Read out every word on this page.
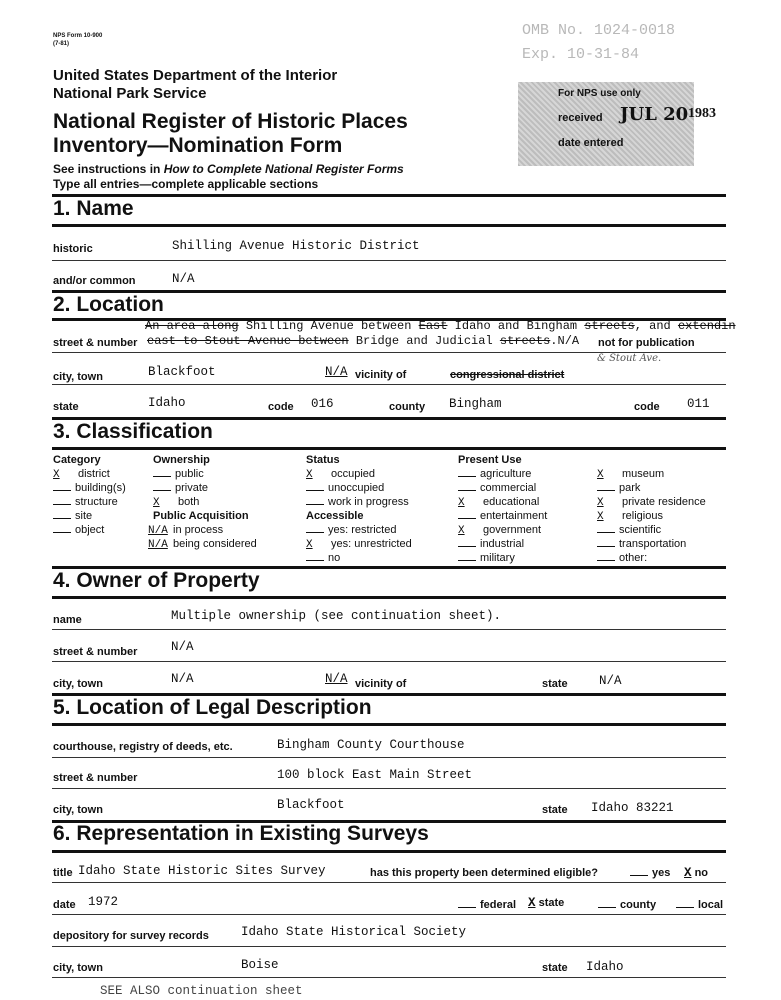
NPS Form 10-900
(7-81)
OMB No. 1024-0018
Exp. 10-31-84
United States Department of the Interior
National Park Service
National Register of Historic Places
Inventory—Nomination Form
See instructions in How to Complete National Register Forms
Type all entries—complete applicable sections
For NPS use only
received JUL 20 1983
date entered
1. Name
historic	Shilling Avenue Historic District
and/or common	N/A
2. Location
An area along Shilling Avenue between East Idaho and Bingham streets, and extendin
street & number east to Stout Avenue between Bridge and Judicial streets.N/A not for publication
& Stout Ave.
city, town	Blackfoot	N/A vicinity of	congressional district
state	Idaho	code 016	county Bingham	code 011
3. Classification
Category
X district
building(s)
structure
site
object
Ownership
public
private
X both
Public Acquisition
N/A in process
N/A being considered
Status
X occupied
unoccupied
work in progress
Accessible
yes: restricted
X yes: unrestricted
no
Present Use
agriculture
commercial
X educational
entertainment
X government
industrial
military
X museum
park
X private residence
X religious
scientific
transportation
other:
4. Owner of Property
name	Multiple ownership (see continuation sheet).
street & number	N/A
city, town	N/A	N/A vicinity of	state	N/A
5. Location of Legal Description
courthouse, registry of deeds, etc.	Bingham County Courthouse
street & number	100 block East Main Street
city, town	Blackfoot	state Idaho 83221
6. Representation in Existing Surveys
title Idaho State Historic Sites Survey	has this property been determined eligible?	yes X no
date 1972	federal X state	county	local
depository for survey records	Idaho State Historical Society
city, town	Boise	state Idaho
SEE ALSO continuation sheet
